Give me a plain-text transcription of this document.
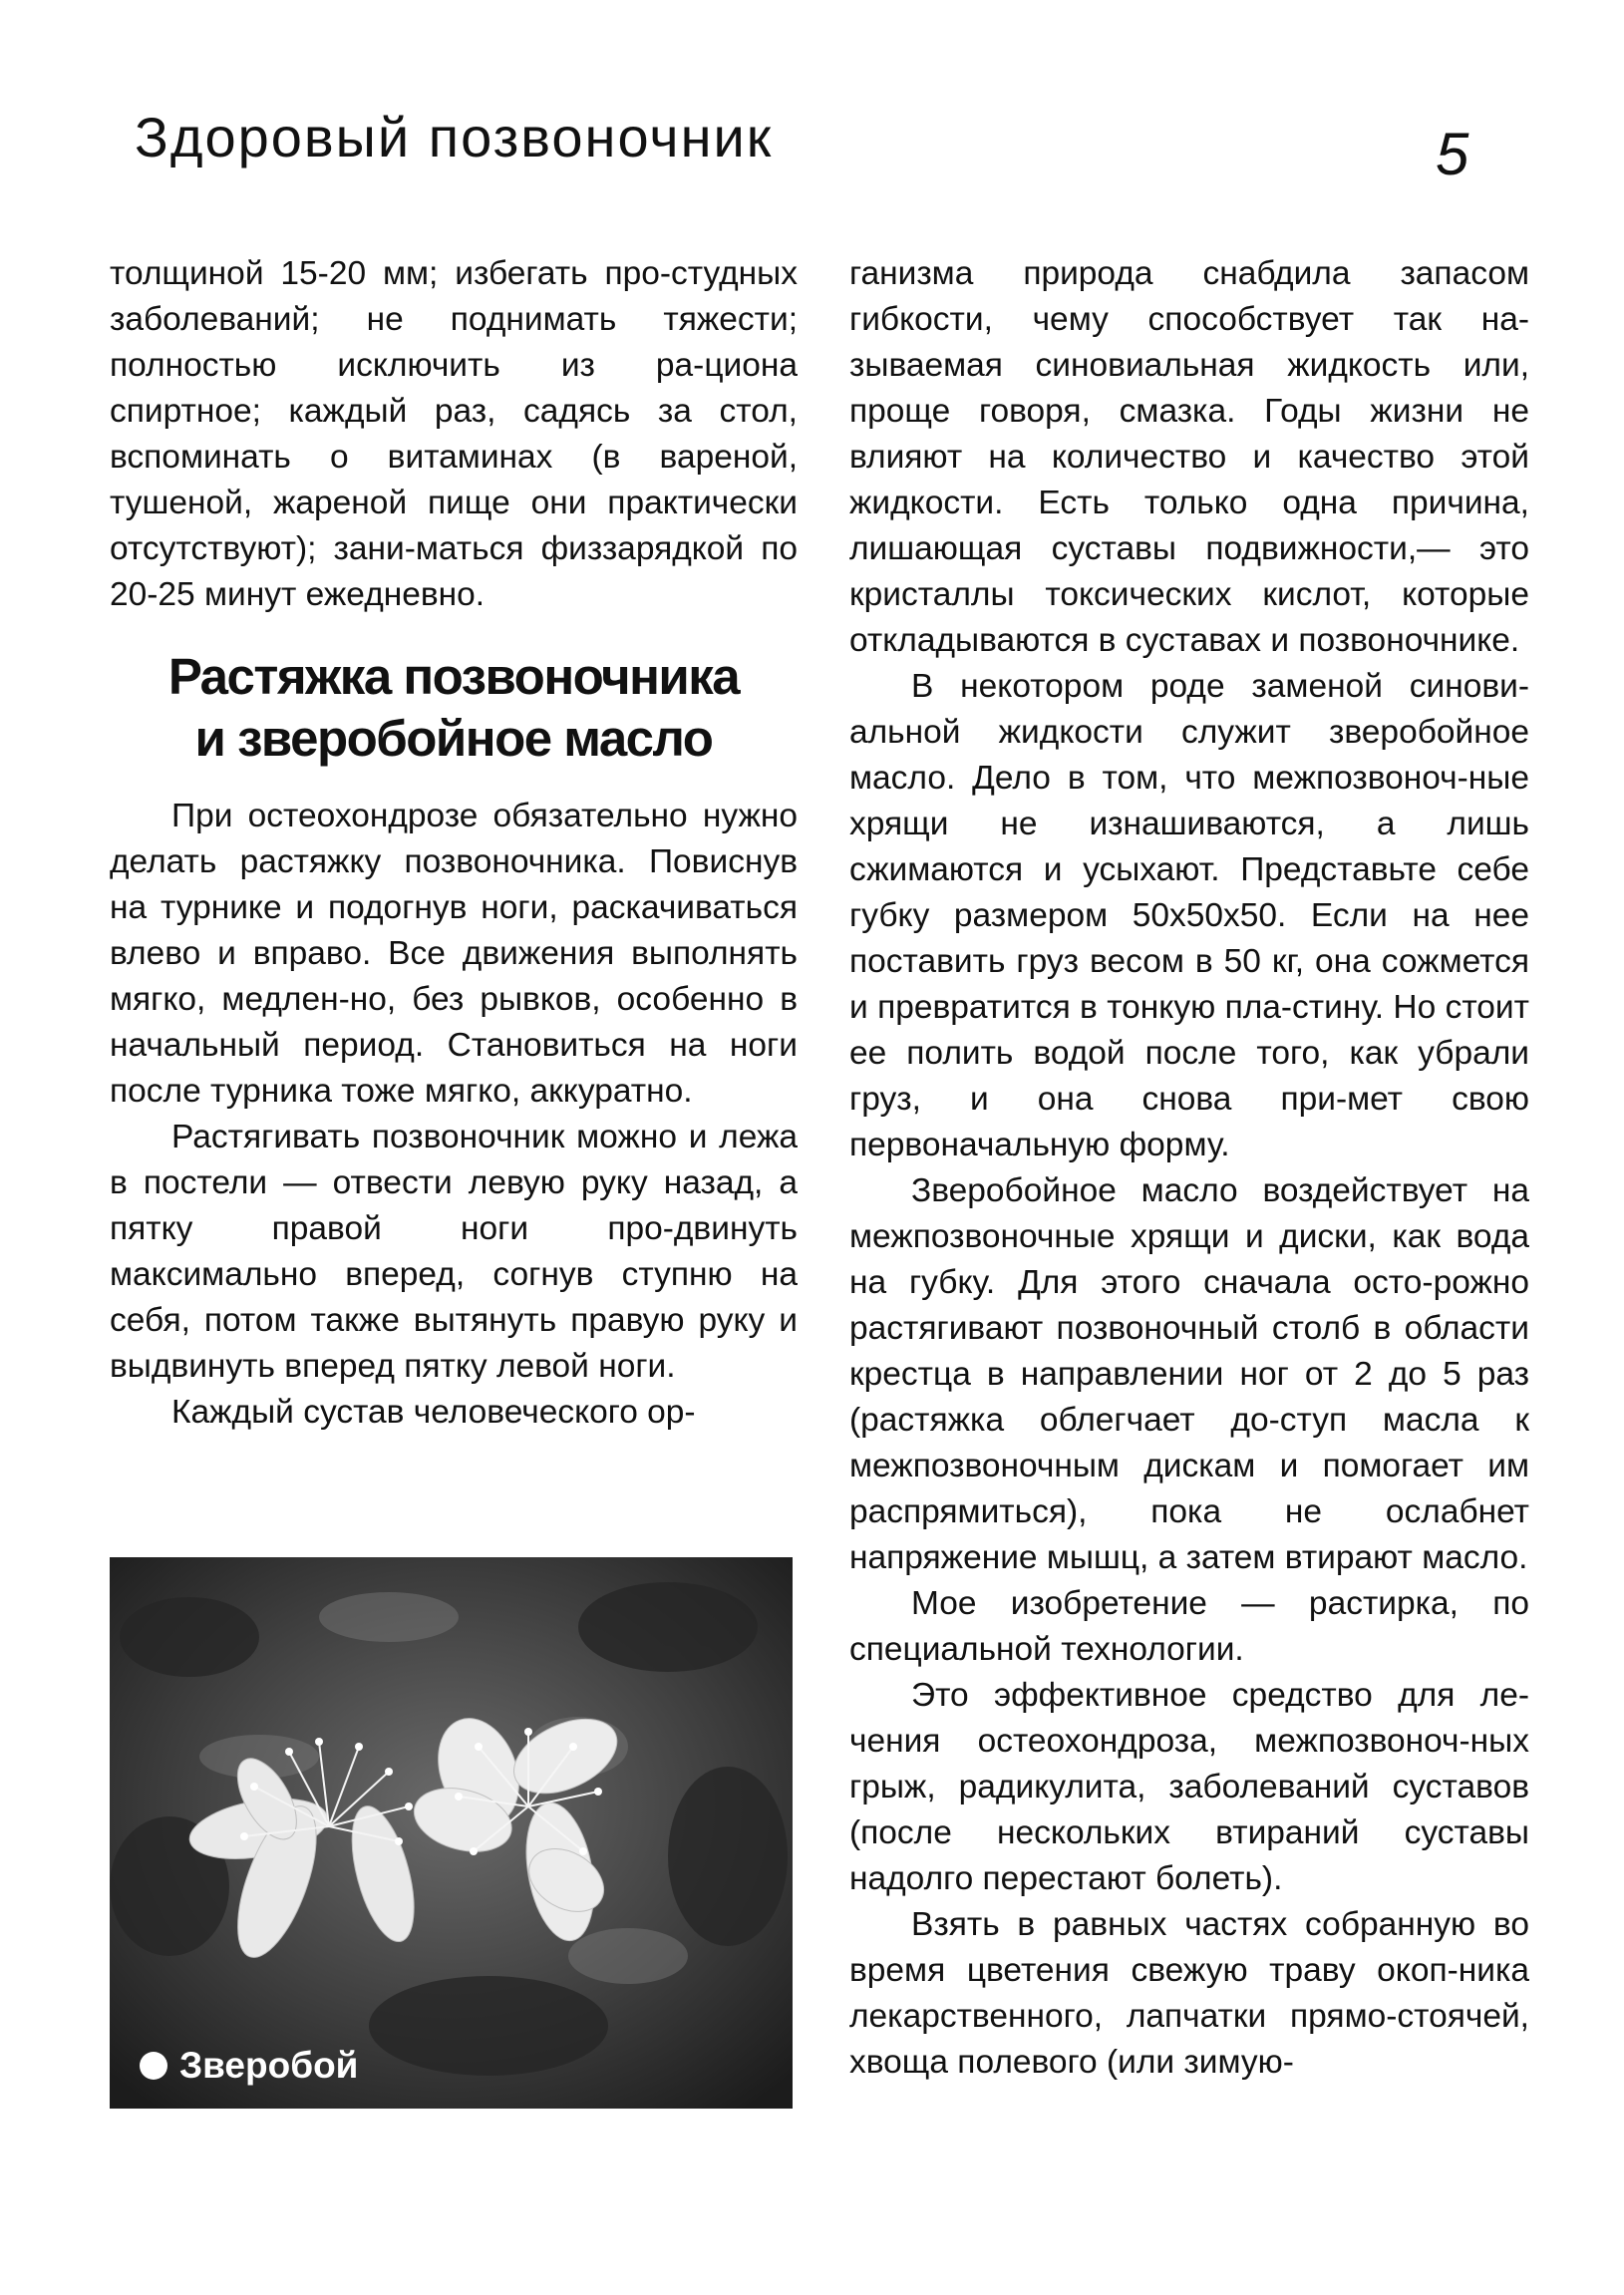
Здоровый позвоночник	5

толщиной 15-20 мм; избегать про-студных заболеваний; не поднимать тяжести; полностью исключить из ра-циона спиртное; каждый раз, садясь за стол, вспоминать о витаминах (в вареной, тушеной, жареной пище они практически отсутствуют); зани-маться физзарядкой по 20-25 минут ежедневно.

Растяжка позвоночника
и зверобойное масло

При остеохондрозе обязательно нужно делать растяжку позвоночника. Повиснув на турнике и подогнув ноги, раскачиваться влево и вправо. Все движения выполнять мягко, медлен-но, без рывков, особенно в начальный период. Становиться на ноги после турника тоже мягко, аккуратно.

Растягивать позвоночник можно и лежа в постели — отвести левую руку назад, а пятку правой ноги про-двинуть максимально вперед, согнув ступню на себя, потом также вытянуть правую руку и выдвинуть вперед пятку левой ноги.

Каждый сустав человеческого ор-

Зверобой

ганизма природа снабдила запасом гибкости, чему способствует так на-зываемая синовиальная жидкость или, проще говоря, смазка. Годы жизни не влияют на количество и качество этой жидкости. Есть только одна причина, лишающая суставы подвижности,— это кристаллы токсических кислот, которые откладываются в суставах и позвоночнике.

В некотором роде заменой синови-альной жидкости служит зверобойное масло. Дело в том, что межпозвоноч-ные хрящи не изнашиваются, а лишь сжимаются и усыхают. Представьте себе губку размером 50x50x50. Если на нее поставить груз весом в 50 кг, она сожмется и превратится в тонкую пла-стину. Но стоит ее полить водой после того, как убрали груз, и она снова при-мет свою первоначальную форму.

Зверобойное масло воздействует на межпозвоночные хрящи и диски, как вода на губку. Для этого сначала осто-рожно растягивают позвоночный столб в области крестца в направлении ног от 2 до 5 раз (растяжка облегчает до-ступ масла к межпозвоночным дискам и помогает им распрямиться), пока не ослабнет напряжение мышц, а затем втирают масло.

Мое изобретение — растирка, по специальной технологии.

Это эффективное средство для ле-чения остеохондроза, межпозвоноч-ных грыж, радикулита, заболеваний суставов (после нескольких втираний суставы надолго перестают болеть).

Взять в равных частях собранную во время цветения свежую траву окоп-ника лекарственного, лапчатки прямо-стоячей, хвоща полевого (или зимую-
